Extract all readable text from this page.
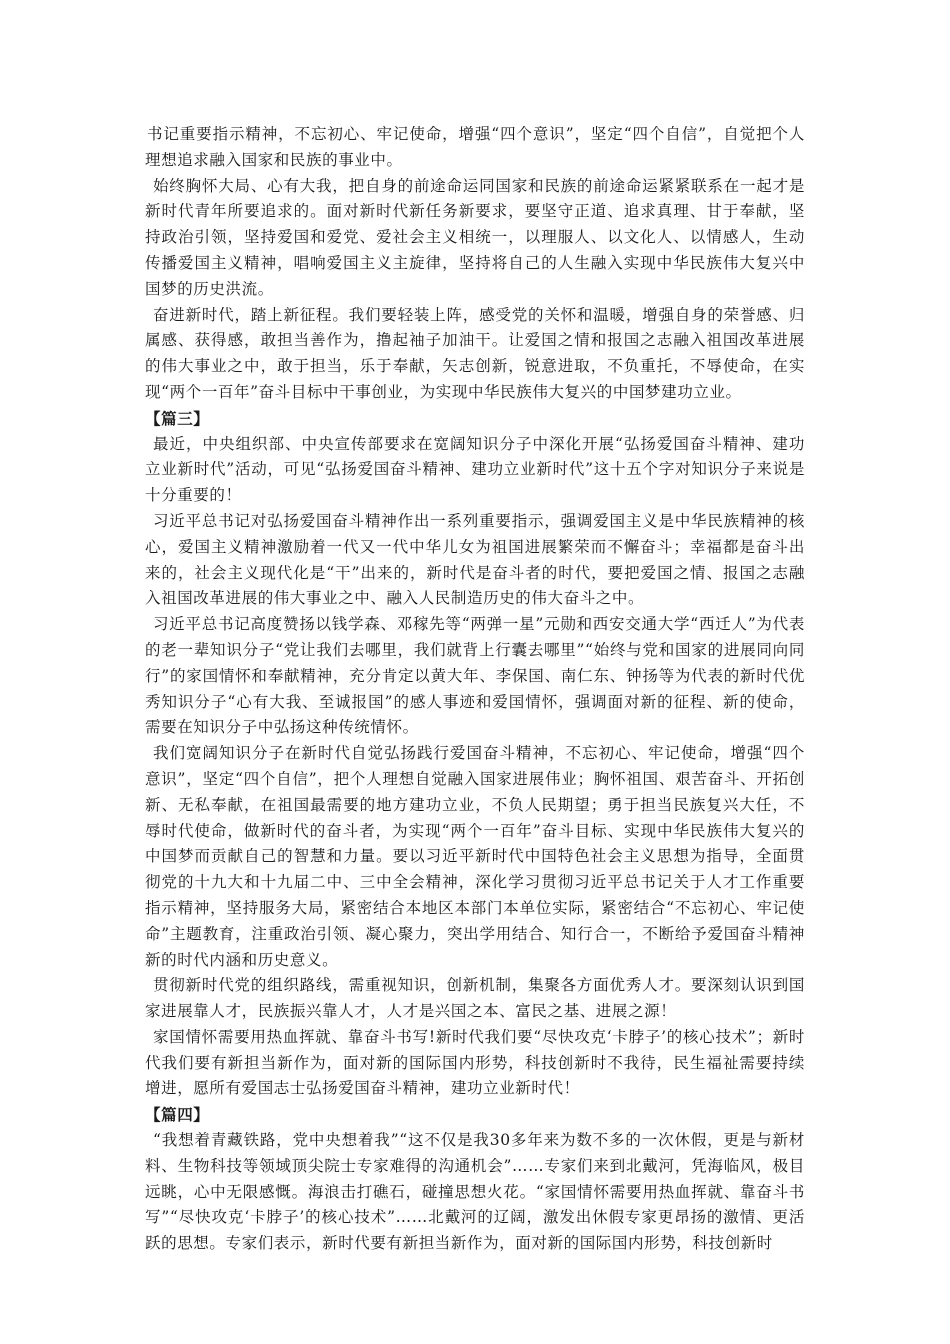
书记重要指示精神，不忘初心、牢记使命，增强“四个意识”，坚定“四个自信”，自觉把个人理想追求融入国家和民族的事业中。

始终胸怀大局、心有大我，把自身的前途命运同国家和民族的前途命运紧紧联系在一起才是新时代青年所要追求的。面对新时代新任务新要求，要坚守正道、追求真理、甘于奉献，坚持政治引领，坚持爱国和爱党、爱社会主义相统一，以理服人、以文化人、以情感人，生动传播爱国主义精神，唱响爱国主义主旋律，坚持将自己的人生融入实现中华民族伟大复兴中国梦的历史洪流。

奋进新时代，踏上新征程。我们要轻装上阵，感受党的关怀和温暖，增强自身的荣誉感、归属感、获得感，敢担当善作为，撸起袖子加油干。让爱国之情和报国之志融入祖国改革进展的伟大事业之中，敢于担当，乐于奉献，矢志创新，锐意进取，不负重托，不辱使命，在实现“两个一百年”奋斗目标中干事创业，为实现中华民族伟大复兴的中国梦建功立业。

【篇三】

最近，中央组织部、中央宣传部要求在宽阔知识分子中深化开展“弘扬爱国奋斗精神、建功立业新时代”活动，可见“弘扬爱国奋斗精神、建功立业新时代”这十五个字对知识分子来说是十分重要的！

习近平总书记对弘扬爱国奋斗精神作出一系列重要指示，强调爱国主义是中华民族精神的核心，爱国主义精神激励着一代又一代中华儿女为祖国进展繁荣而不懈奋斗；幸福都是奋斗出来的，社会主义现代化是“干”出来的，新时代是奋斗者的时代，要把爱国之情、报国之志融入祖国改革进展的伟大事业之中、融入人民制造历史的伟大奋斗之中。

习近平总书记高度赞扬以钱学森、邓稼先等“两弹一星”元勋和西安交通大学“西迁人”为代表的老一辈知识分子“党让我们去哪里，我们就背上行囊去哪里”“始终与党和国家的进展同向同行”的家国情怀和奉献精神，充分肯定以黄大年、李保国、南仁东、钟扬等为代表的新时代优秀知识分子“心有大我、至诚报国”的感人事迹和爱国情怀，强调面对新的征程、新的使命，需要在知识分子中弘扬这种传统情怀。

我们宽阔知识分子在新时代自觉弘扬践行爱国奋斗精神，不忘初心、牢记使命，增强“四个意识”，坚定“四个自信”，把个人理想自觉融入国家进展伟业；胸怀祖国、艰苦奋斗、开拓创新、无私奉献，在祖国最需要的地方建功立业，不负人民期望；勇于担当民族复兴大任，不辱时代使命，做新时代的奋斗者，为实现“两个一百年”奋斗目标、实现中华民族伟大复兴的中国梦而贡献自己的智慧和力量。要以习近平新时代中国特色社会主义思想为指导，全面贯彻党的十九大和十九届二中、三中全会精神，深化学习贯彻习近平总书记关于人才工作重要指示精神，坚持服务大局，紧密结合本地区本部门本单位实际，紧密结合“不忘初心、牢记使命”主题教育，注重政治引领、凝心聚力，突出学用结合、知行合一，不断给予爱国奋斗精神新的时代内涵和历史意义。

贯彻新时代党的组织路线，需重视知识，创新机制，集聚各方面优秀人才。要深刻认识到国家进展靠人才，民族振兴靠人才，人才是兴国之本、富民之基、进展之源！

家国情怀需要用热血挥就、靠奋斗书写!新时代我们要“尽快攻克‘卡脖子’的核心技术”；新时代我们要有新担当新作为，面对新的国际国内形势，科技创新时不我待，民生福祉需要持续增进，愿所有爱国志士弘扬爱国奋斗精神，建功立业新时代！

【篇四】

“我想着青藏铁路，党中央想着我”“这不仅是我30多年来为数不多的一次休假，更是与新材料、生物科技等领域顶尖院士专家难得的沟通机会”……专家们来到北戴河，凭海临风，极目远眺，心中无限感慨。海浪击打礁石，碰撞思想火花。“家国情怀需要用热血挥就、靠奋斗书写”“尽快攻克‘卡脖子’的核心技术”……北戴河的辽阔，激发出休假专家更昂扬的激情、更活跃的思想。专家们表示，新时代要有新担当新作为，面对新的国际国内形势，科技创新时
